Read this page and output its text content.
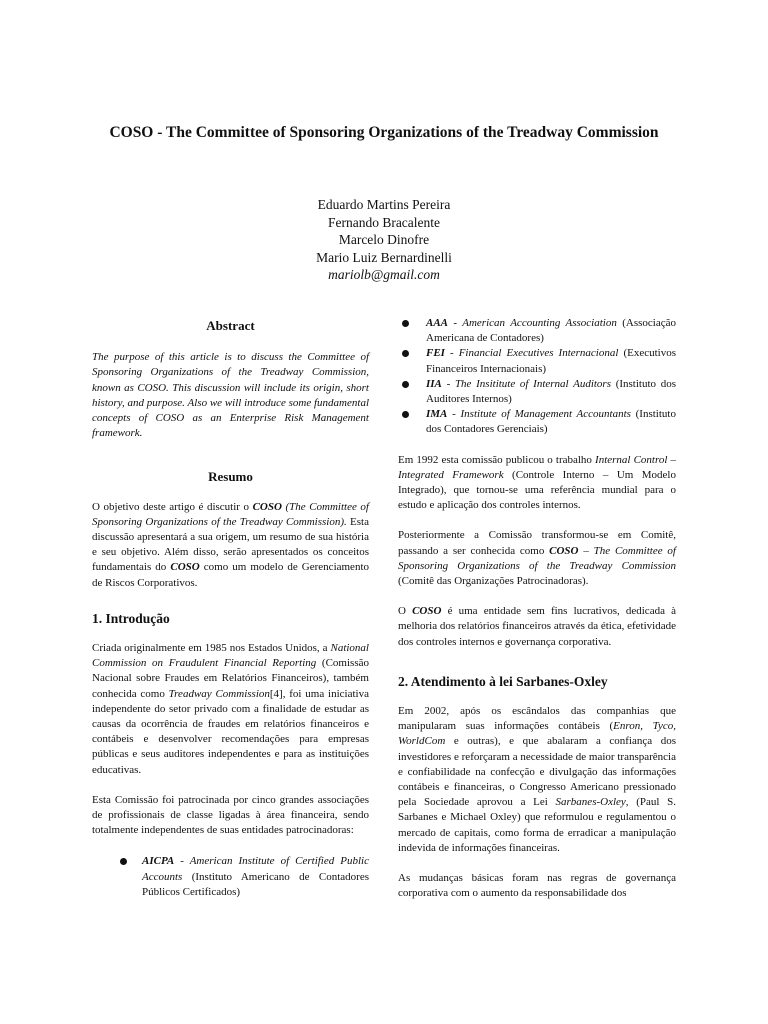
COSO - The Committee of Sponsoring Organizations of the Treadway Commission
Eduardo Martins Pereira
Fernando Bracalente
Marcelo Dinofre
Mario Luiz Bernardinelli
mariolb@gmail.com
Abstract

The purpose of this article is to discuss the Committee of Sponsoring Organizations of the Treadway Commission, known as COSO. This discussion will include its origin, short history, and purpose. Also we will introduce some fundamental concepts of COSO as an Enterprise Risk Management framework.

Resumo

O objetivo deste artigo é discutir o COSO (The Committee of Sponsoring Organizations of the Treadway Commission). Esta discussão apresentará a sua origem, um resumo de sua história e seu objetivo. Além disso, serão apresentados os conceitos fundamentais do COSO como um modelo de Gerenciamento de Riscos Corporativos.

1. Introdução

Criada originalmente em 1985 nos Estados Unidos, a National Commission on Fraudulent Financial Reporting (Comissão Nacional sobre Fraudes em Relatórios Financeiros), também conhecida como Treadway Commission[4], foi uma iniciativa independente do setor privado com a finalidade de estudar as causas da ocorrência de fraudes em relatórios financeiros e contábeis e desenvolver recomendações para empresas públicas e seus auditores independentes e para as instituições educativas.

Esta Comissão foi patrocinada por cinco grandes associações de profissionais de classe ligadas à área financeira, sendo totalmente independentes de suas entidades patrocinadoras:

AICPA - American Institute of Certified Public Accounts (Instituto Americano de Contadores Públicos Certificados)
AAA - American Accounting Association (Associação Americana de Contadores)
FEI - Financial Executives Internacional (Executivos Financeiros Internacionais)
IIA - The Insititute of Internal Auditors (Instituto dos Auditores Internos)
IMA - Institute of Management Accountants (Instituto dos Contadores Gerenciais)

Em 1992 esta comissão publicou o trabalho Internal Control – Integrated Framework (Controle Interno – Um Modelo Integrado), que tornou-se uma referência mundial para o estudo e aplicação dos controles internos.

Posteriormente a Comissão transformou-se em Comitê, passando a ser conhecida como COSO – The Committee of Sponsoring Organizations of the Treadway Commission (Comitê das Organizações Patrocinadoras).

O COSO é uma entidade sem fins lucrativos, dedicada à melhoria dos relatórios financeiros através da ética, efetividade dos controles internos e governança corporativa.

2. Atendimento à lei Sarbanes-Oxley

Em 2002, após os escândalos das companhias que manipularam suas informações contábeis (Enron, Tyco, WorldCom e outras), e que abalaram a confiança dos investidores e reforçaram a necessidade de maior transparência e confiabilidade na confecção e divulgação das informações contábeis e financeiras, o Congresso Americano pressionado pela Sociedade aprovou a Lei Sarbanes-Oxley, (Paul S. Sarbanes e Michael Oxley) que reformulou e regulamentou o mercado de capitais, como forma de erradicar a manipulação indevida de informações financeiras.

As mudanças básicas foram nas regras de governança corporativa com o aumento da responsabilidade dos
